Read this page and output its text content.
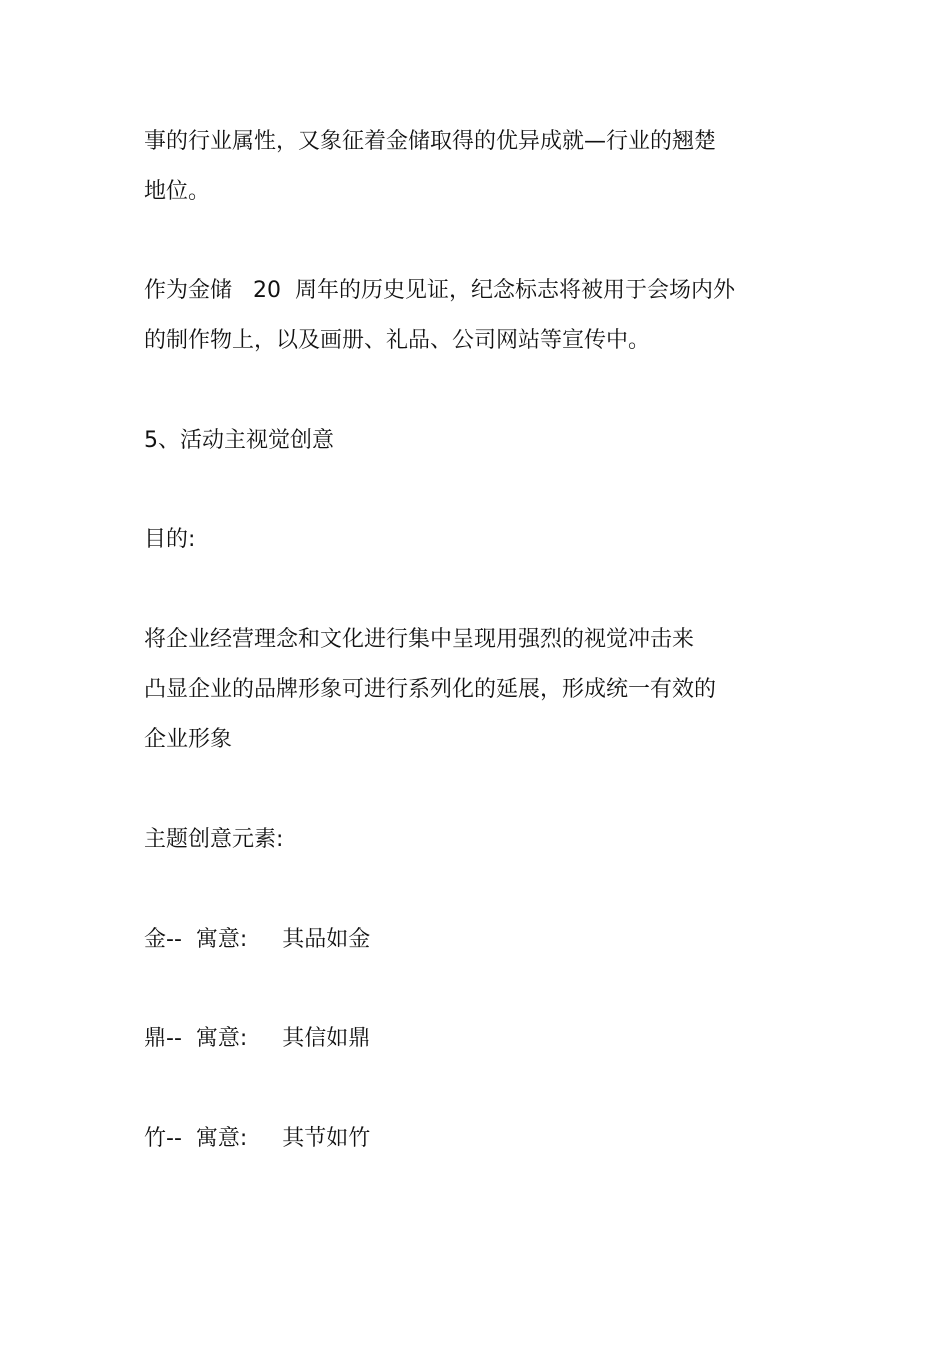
事的行业属性，又象征着金储取得的优异成就—行业的翘楚
地位。
作为金储   20  周年的历史见证，纪念标志将被用于会场内外
的制作物上，以及画册、礼品、公司网站等宣传中。
5、活动主视觉创意
目的:
将企业经营理念和文化进行集中呈现用强烈的视觉冲击来
凸显企业的品牌形象可进行系列化的延展，形成统一有效的
企业形象
主题创意元素:
金--  寓意:     其品如金
鼎--  寓意:     其信如鼎
竹--  寓意:     其节如竹
